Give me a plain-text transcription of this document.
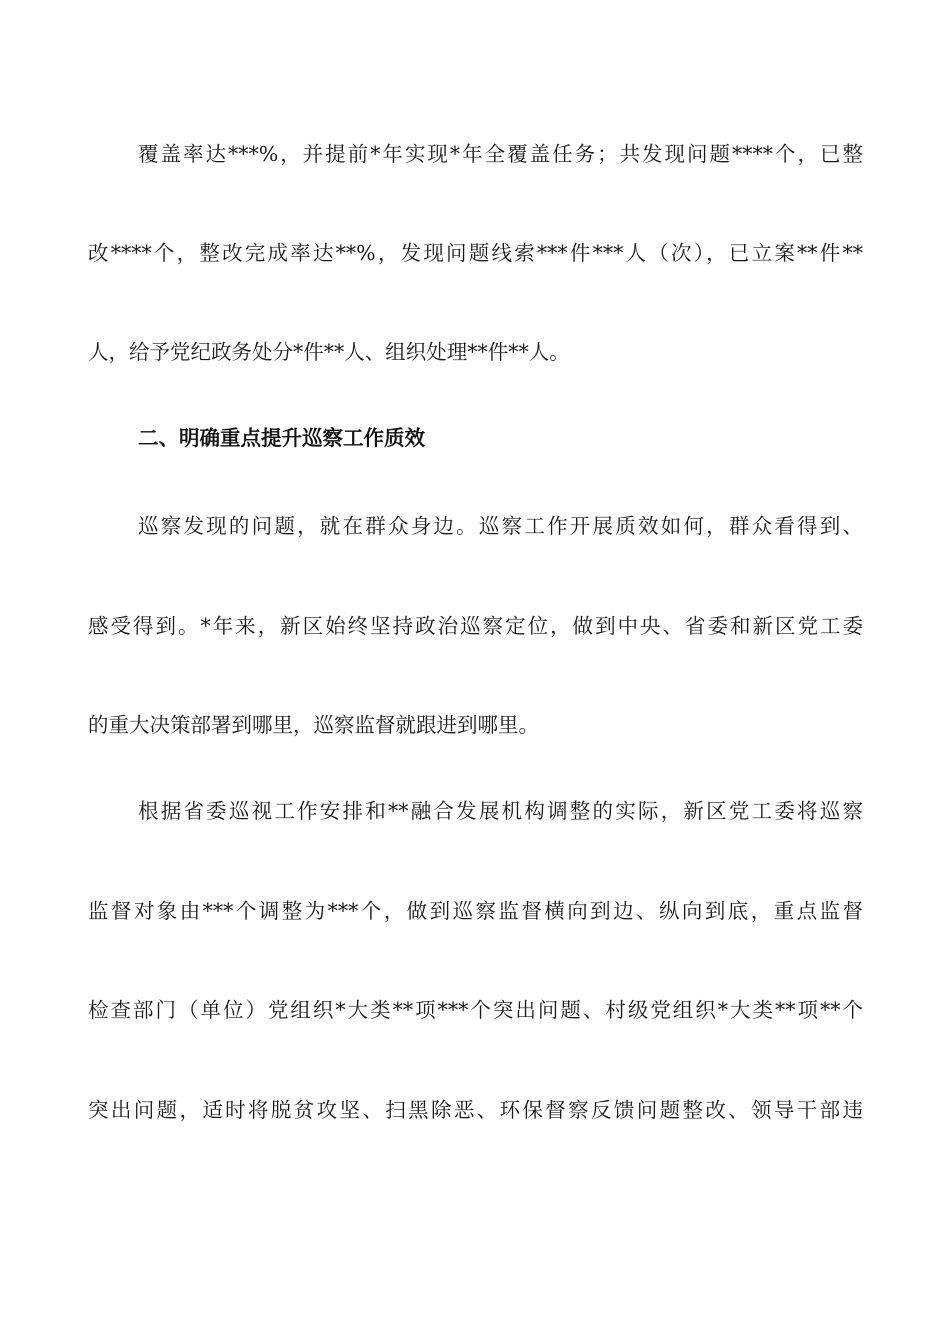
覆盖率达***%，并提前*年实现*年全覆盖任务；共发现问题****个，已整
改****个，整改完成率达**%，发现问题线索***件***人（次），已立案**件**
人，给予党纪政务处分*件**人、组织处理**件**人。
二、明确重点提升巡察工作质效
巡察发现的问题，就在群众身边。巡察工作开展质效如何，群众看得到、
感受得到。*年来，新区始终坚持政治巡察定位，做到中央、省委和新区党工委
的重大决策部署到哪里，巡察监督就跟进到哪里。
根据省委巡视工作安排和**融合发展机构调整的实际，新区党工委将巡察
监督对象由***个调整为***个，做到巡察监督横向到边、纵向到底，重点监督
检查部门（单位）党组织*大类**项***个突出问题、村级党组织*大类**项**个
突出问题，适时将脱贫攻坚、扫黑除恶、环保督察反馈问题整改、领导干部违
